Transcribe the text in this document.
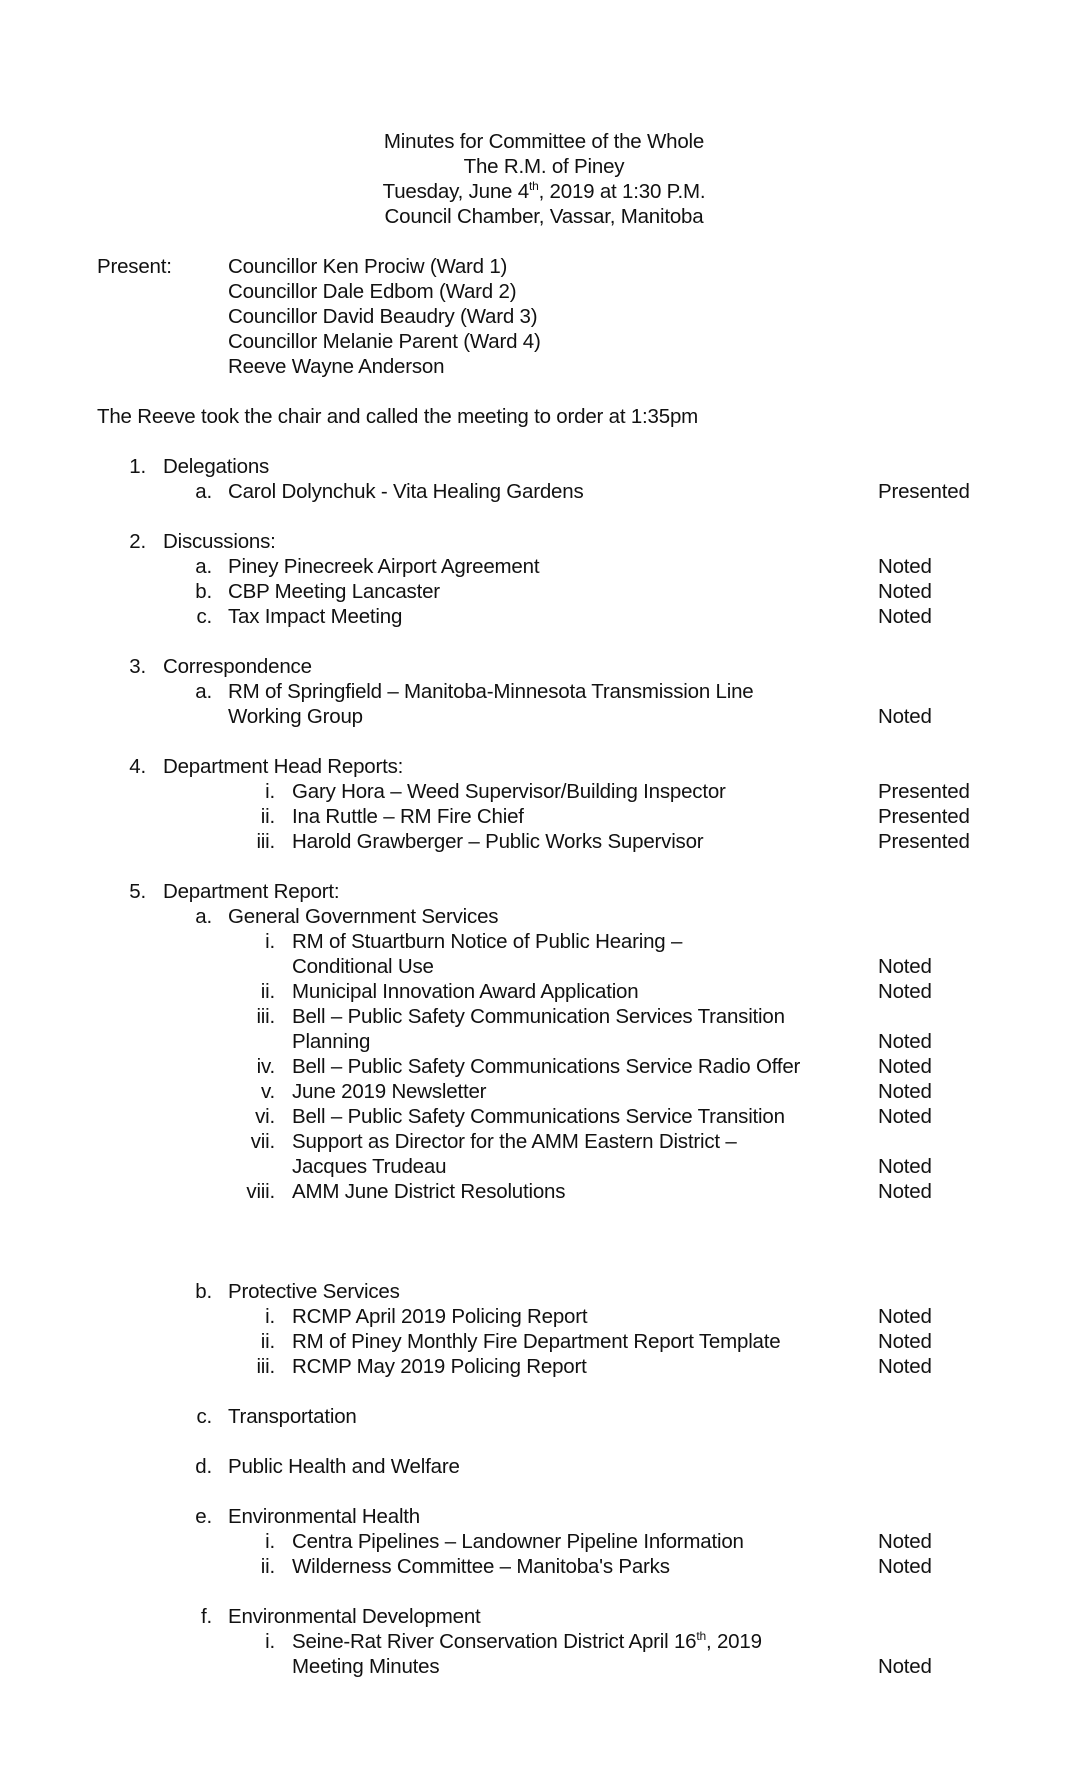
Minutes for Committee of the Whole
The R.M. of Piney
Tuesday, June 4th, 2019 at 1:30 P.M.
Council Chamber, Vassar, Manitoba
Present:	Councillor Ken Prociw (Ward 1)
Councillor Dale Edbom (Ward 2)
Councillor David Beaudry (Ward 3)
Councillor Melanie Parent (Ward 4)
Reeve Wayne Anderson
The Reeve took the chair and called the meeting to order at 1:35pm
1. Delegations
a. Carol Dolynchuk - Vita Healing Gardens	Presented
2. Discussions:
a. Piney Pinecreek Airport Agreement	Noted
b. CBP Meeting Lancaster	Noted
c. Tax Impact Meeting	Noted
3. Correspondence
a. RM of Springfield – Manitoba-Minnesota Transmission Line
Working Group	Noted
4. Department Head Reports:
i. Gary Hora – Weed Supervisor/Building Inspector	Presented
ii. Ina Ruttle – RM Fire Chief	Presented
iii. Harold Grawberger – Public Works Supervisor	Presented
5. Department Report:
a. General Government Services
i. RM of Stuartburn Notice of Public Hearing –
Conditional Use	Noted
ii. Municipal Innovation Award Application	Noted
iii. Bell – Public Safety Communication Services Transition
Planning	Noted
iv. Bell – Public Safety Communications Service Radio Offer	Noted
v. June 2019 Newsletter	Noted
vi. Bell – Public Safety Communications Service Transition	Noted
vii. Support as Director for the AMM Eastern District –
Jacques Trudeau	Noted
viii. AMM June District Resolutions	Noted
b. Protective Services
i. RCMP April 2019 Policing Report	Noted
ii. RM of Piney Monthly Fire Department Report Template	Noted
iii. RCMP May 2019 Policing Report	Noted
c. Transportation
d. Public Health and Welfare
e. Environmental Health
i. Centra Pipelines – Landowner Pipeline Information	Noted
ii. Wilderness Committee – Manitoba's Parks	Noted
f. Environmental Development
i. Seine-Rat River Conservation District April 16th, 2019
Meeting Minutes	Noted
